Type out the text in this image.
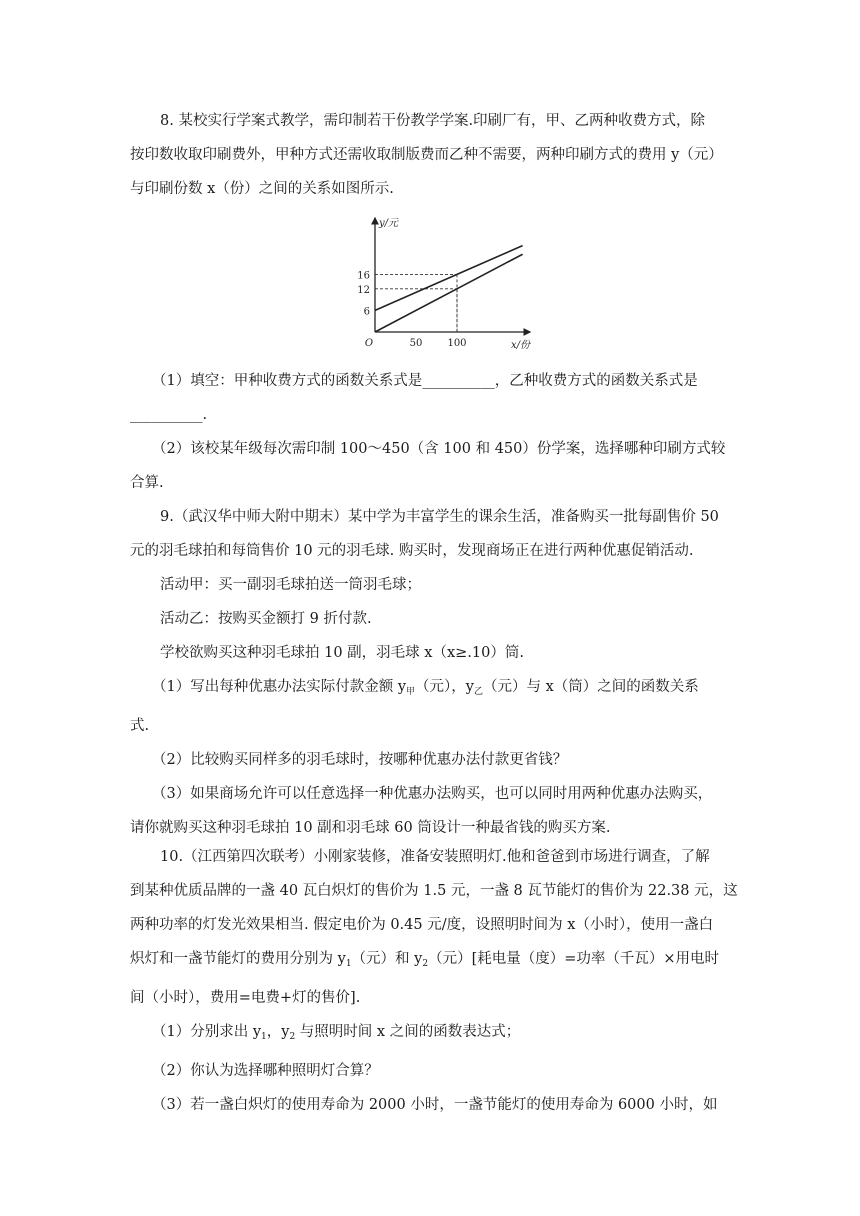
8. 某校实行学案式教学，需印制若干份教学学案.印刷厂有，甲、乙两种收费方式，除
按印数收取印刷费外，甲种方式还需收取制版费而乙种不需要，两种印刷方式的费用 y（元）
与印刷份数 x（份）之间的关系如图所示.
50	100
6
12
16
y/元
x/份
O
（1）填空：甲种收费方式的函数关系式是__________，乙种收费方式的函数关系式是
__________.
（2）该校某年级每次需印制 100～450（含 100 和 450）份学案，选择哪种印刷方式较
合算.
9.（武汉华中师大附中期末）某中学为丰富学生的课余生活，准备购买一批每副售价 50
元的羽毛球拍和每筒售价 10 元的羽毛球. 购买时，发现商场正在进行两种优惠促销活动.
活动甲：买一副羽毛球拍送一筒羽毛球；
活动乙：按购买金额打 9 折付款.
学校欲购买这种羽毛球拍 10 副，羽毛球 x（x≥.10）筒.
（1）写出每种优惠办法实际付款金额 $y_甲$（元），$y_乙$（元）与 x（筒）之间的函数关系
式.
（2）比较购买同样多的羽毛球时，按哪种优惠办法付款更省钱？
（3）如果商场允许可以任意选择一种优惠办法购买，也可以同时用两种优惠办法购买，
请你就购买这种羽毛球拍 10 副和羽毛球 60 筒设计一种最省钱的购买方案.
10.（江西第四次联考）小刚家装修，准备安装照明灯.他和爸爸到市场进行调查，了解
到某种优质品牌的一盏 40 瓦白炽灯的售价为 1.5 元，一盏 8 瓦节能灯的售价为 22.38 元，这
两种功率的灯发光效果相当. 假定电价为 0.45 元/度，设照明时间为 x（小时），使用一盏白
炽灯和一盏节能灯的费用分别为 $y_1$（元）和 $y_2$（元）[耗电量（度）=功率（千瓦）×用电时
间（小时），费用=电费+灯的售价].
（1）分别求出 $y_1$，$y_2$ 与照明时间 x 之间的函数表达式；
（2）你认为选择哪种照明灯合算？
（3）若一盏白炽灯的使用寿命为 2000 小时，一盏节能灯的使用寿命为 6000 小时，如
